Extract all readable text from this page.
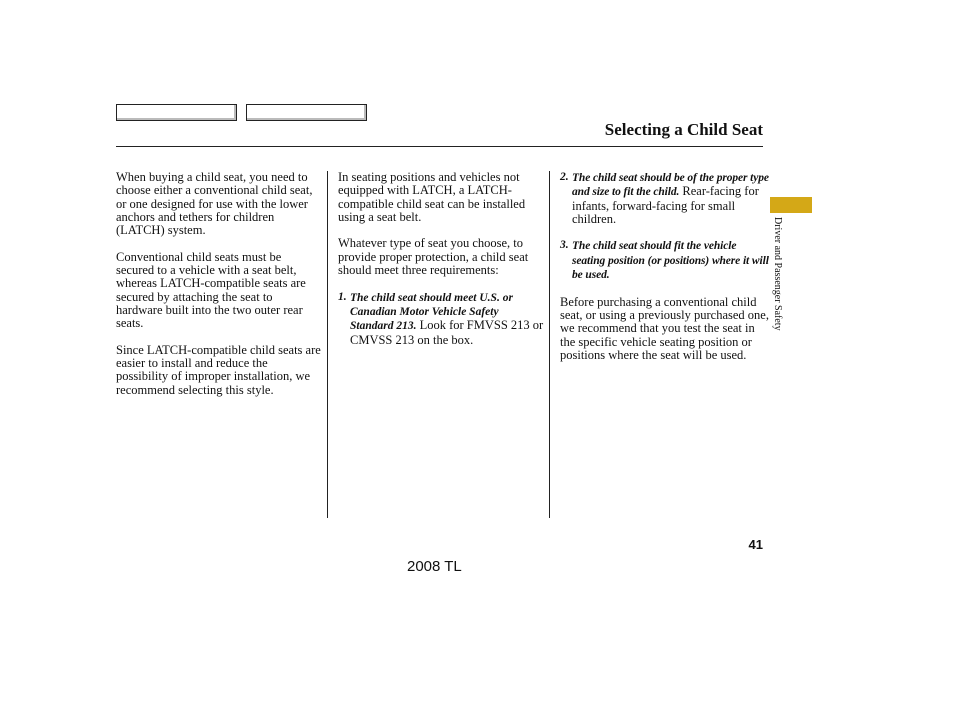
Selecting a Child Seat

When buying a child seat, you need to choose either a conventional child seat, or one designed for use with the lower anchors and tethers for children (LATCH) system.

Conventional child seats must be secured to a vehicle with a seat belt, whereas LATCH-compatible seats are secured by attaching the seat to hardware built into the two outer rear seats.

Since LATCH-compatible child seats are easier to install and reduce the possibility of improper installation, we recommend selecting this style.

In seating positions and vehicles not equipped with LATCH, a LATCH-compatible child seat can be installed using a seat belt.

Whatever type of seat you choose, to provide proper protection, a child seat should meet three requirements:

1. The child seat should meet U.S. or Canadian Motor Vehicle Safety Standard 213. Look for FMVSS 213 or CMVSS 213 on the box.
2. The child seat should be of the proper type and size to fit the child. Rear-facing for infants, forward-facing for small children.
3. The child seat should fit the vehicle seating position (or positions) where it will be used.

Before purchasing a conventional child seat, or using a previously purchased one, we recommend that you test the seat in the specific vehicle seating position or positions where the seat will be used.

Driver and Passenger Safety
41
2008 TL
